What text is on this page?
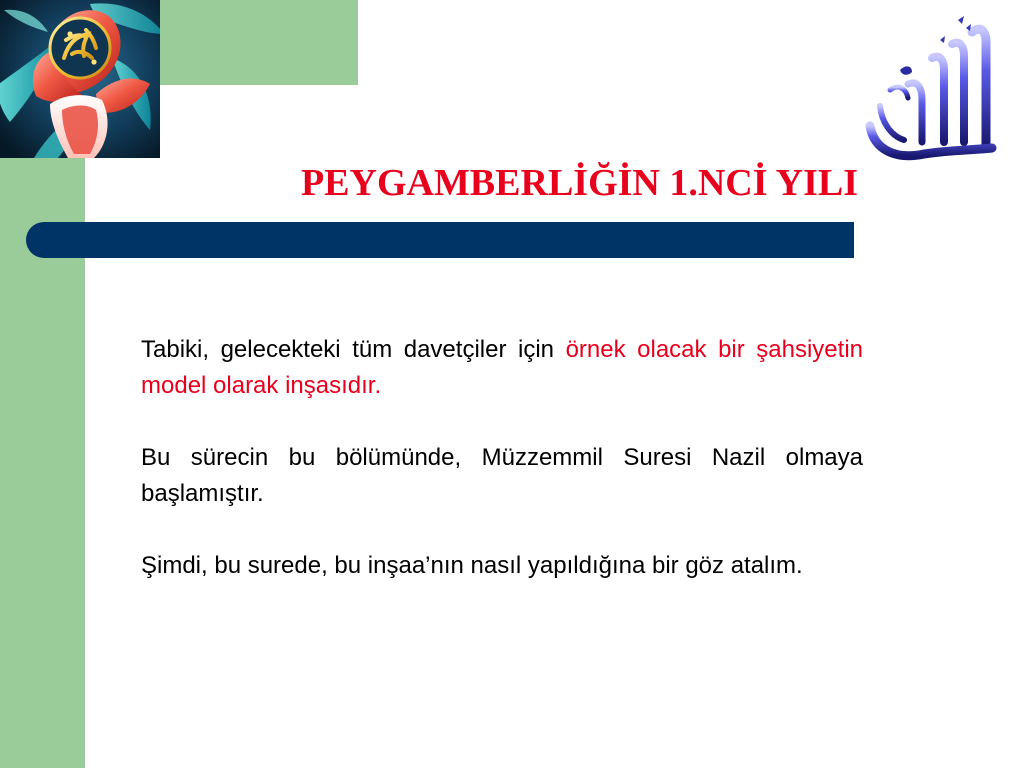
PEYGAMBERLİĞİN 1.NCİ YILI

Tabiki, gelecekteki tüm davetçiler için örnek olacak bir şahsiyetin model olarak inşasıdır.

Bu sürecin bu bölümünde, Müzzemmil Suresi Nazil olmaya başlamıştır.

Şimdi, bu surede, bu inşaa’nın nasıl yapıldığına bir göz atalım.
